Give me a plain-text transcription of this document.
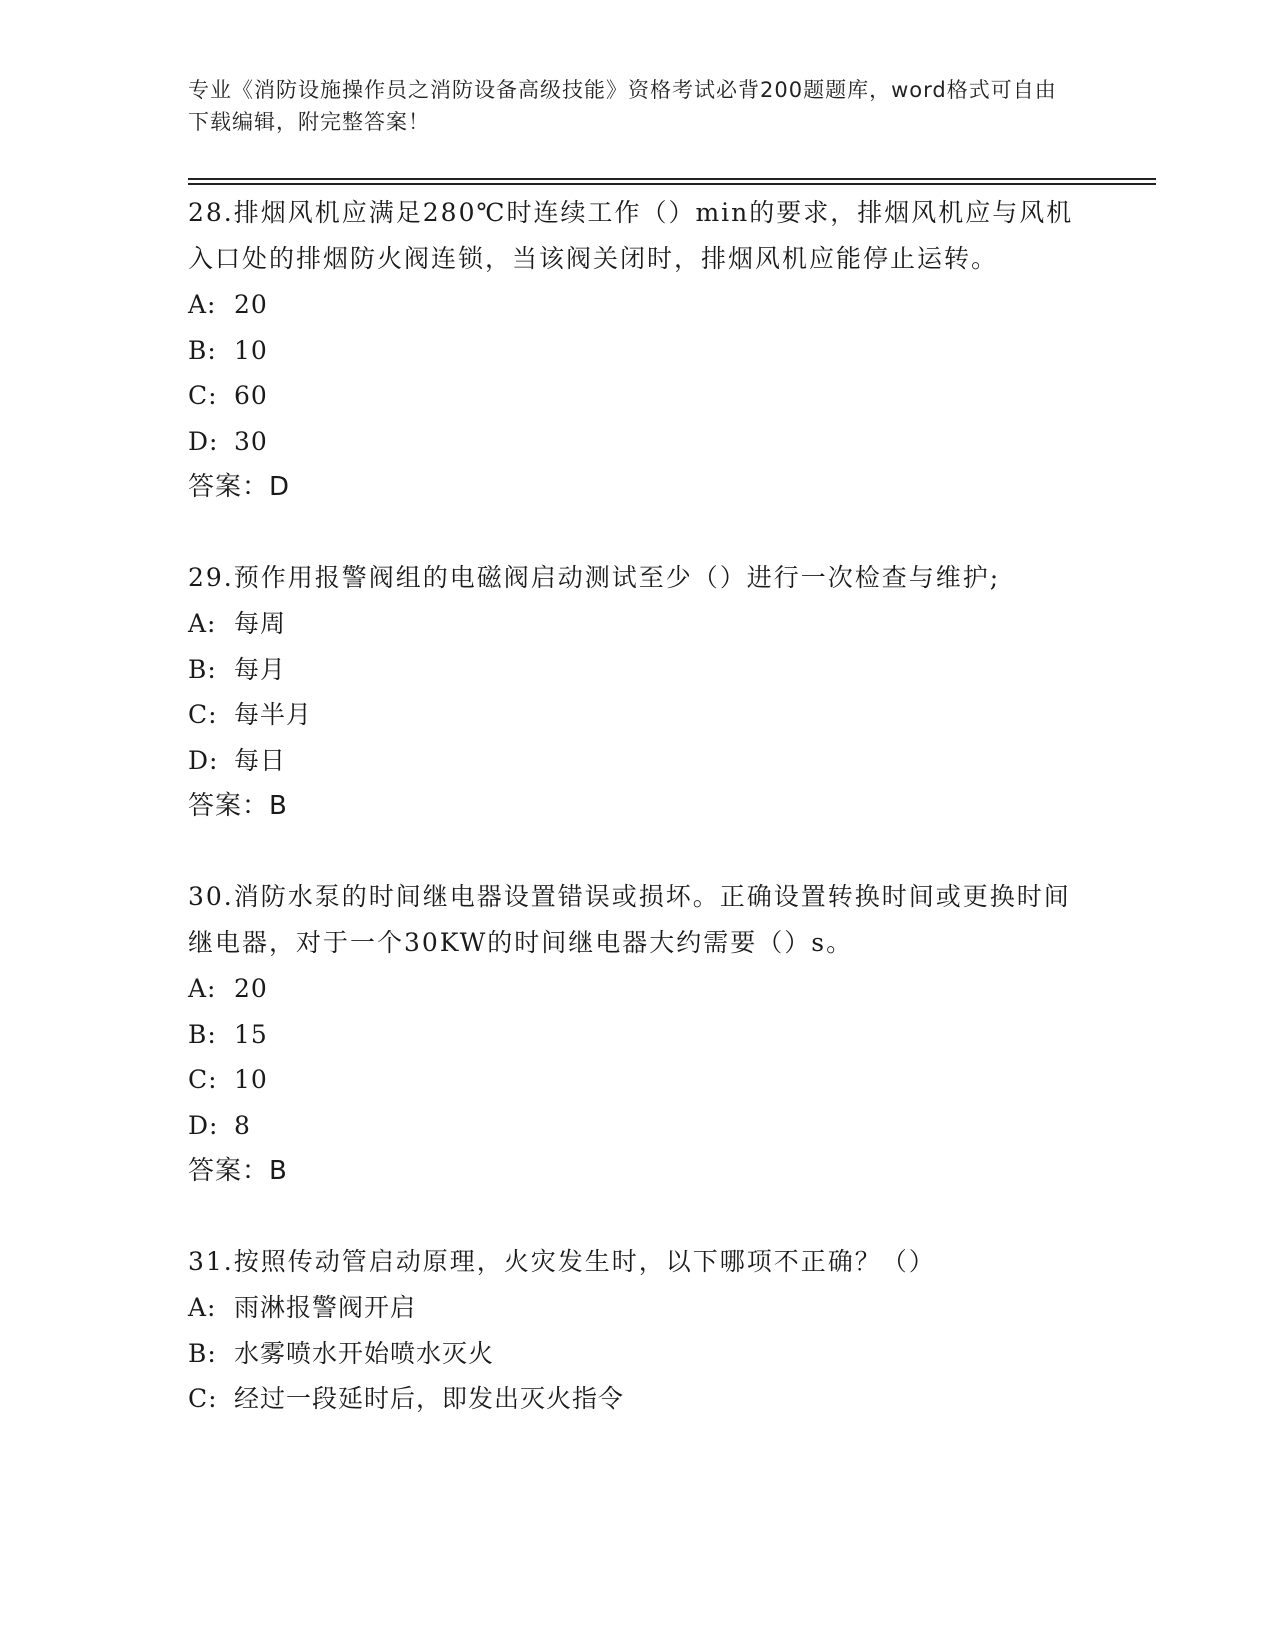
专业《消防设施操作员之消防设备高级技能》资格考试必背200题题库，word格式可自由下载编辑，附完整答案！
28.排烟风机应满足280℃时连续工作（）min的要求，排烟风机应与风机入口处的排烟防火阀连锁，当该阀关闭时，排烟风机应能停止运转。
A: 20
B: 10
C: 60
D: 30
答案：D
29.预作用报警阀组的电磁阀启动测试至少（）进行一次检查与维护;
A: 每周
B: 每月
C: 每半月
D: 每日
答案：B
30.消防水泵的时间继电器设置错误或损坏。正确设置转换时间或更换时间继电器，对于一个30KW的时间继电器大约需要（）s。
A: 20
B: 15
C: 10
D: 8
答案：B
31.按照传动管启动原理，火灾发生时，以下哪项不正确？（）
A: 雨淋报警阀开启
B: 水雾喷水开始喷水灭火
C: 经过一段延时后，即发出灭火指令
